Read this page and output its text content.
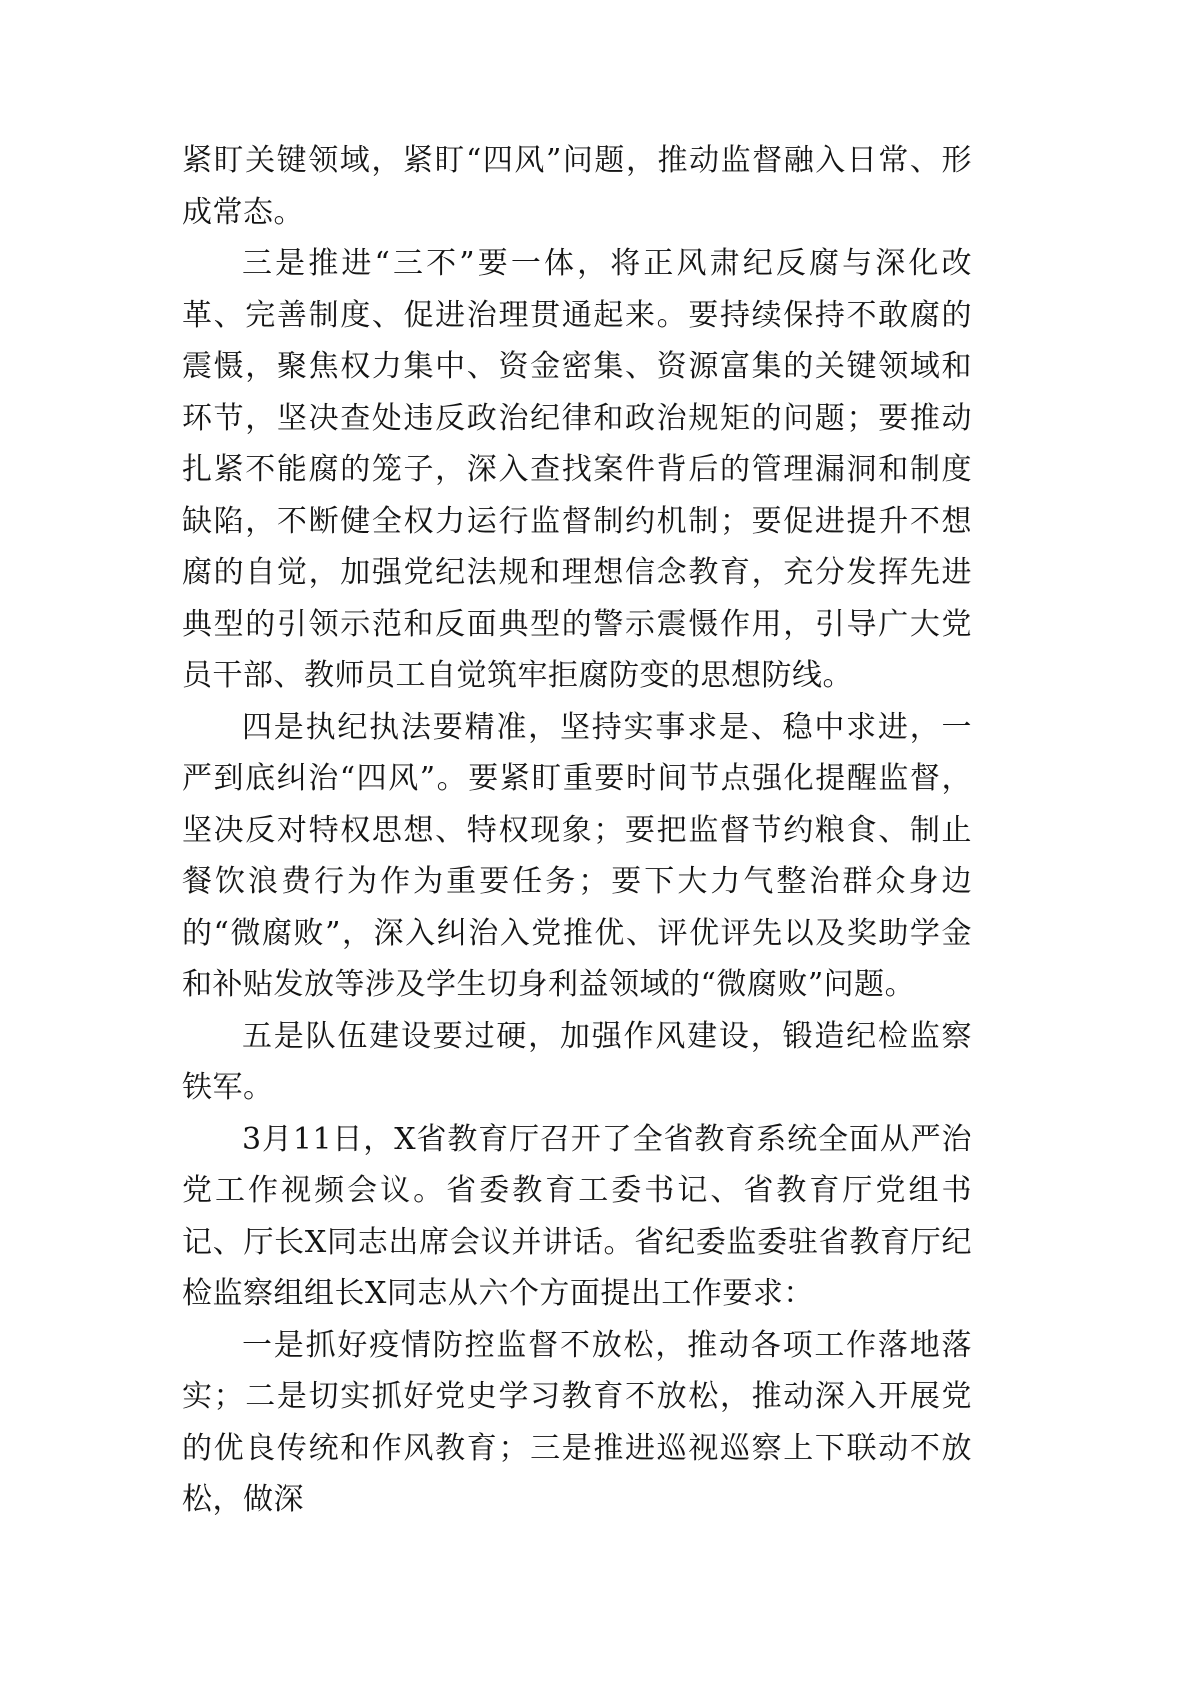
紧盯关键领域，紧盯“四风”问题，推动监督融入日常、形成常态。

三是推进“三不”要一体，将正风肃纪反腐与深化改革、完善制度、促进治理贯通起来。要持续保持不敢腐的震慑，聚焦权力集中、资金密集、资源富集的关键领域和环节，坚决查处违反政治纪律和政治规矩的问题；要推动扎紧不能腐的笼子，深入查找案件背后的管理漏洞和制度缺陷，不断健全权力运行监督制约机制；要促进提升不想腐的自觉，加强党纪法规和理想信念教育，充分发挥先进典型的引领示范和反面典型的警示震慑作用，引导广大党员干部、教师员工自觉筑牢拒腐防变的思想防线。

四是执纪执法要精准，坚持实事求是、稳中求进，一严到底纠治“四风”。要紧盯重要时间节点强化提醒监督，坚决反对特权思想、特权现象；要把监督节约粮食、制止餐饮浪费行为作为重要任务；要下大力气整治群众身边的“微腐败”，深入纠治入党推优、评优评先以及奖助学金和补贴发放等涉及学生切身利益领域的“微腐败”问题。

五是队伍建设要过硬，加强作风建设，锻造纪检监察铁军。

3月11日，X省教育厅召开了全省教育系统全面从严治党工作视频会议。省委教育工委书记、省教育厅党组书记、厅长X同志出席会议并讲话。省纪委监委驻省教育厅纪检监察组组长X同志从六个方面提出工作要求：

一是抓好疫情防控监督不放松，推动各项工作落地落实；二是切实抓好党史学习教育不放松，推动深入开展党的优良传统和作风教育；三是推进巡视巡察上下联动不放松，做深
